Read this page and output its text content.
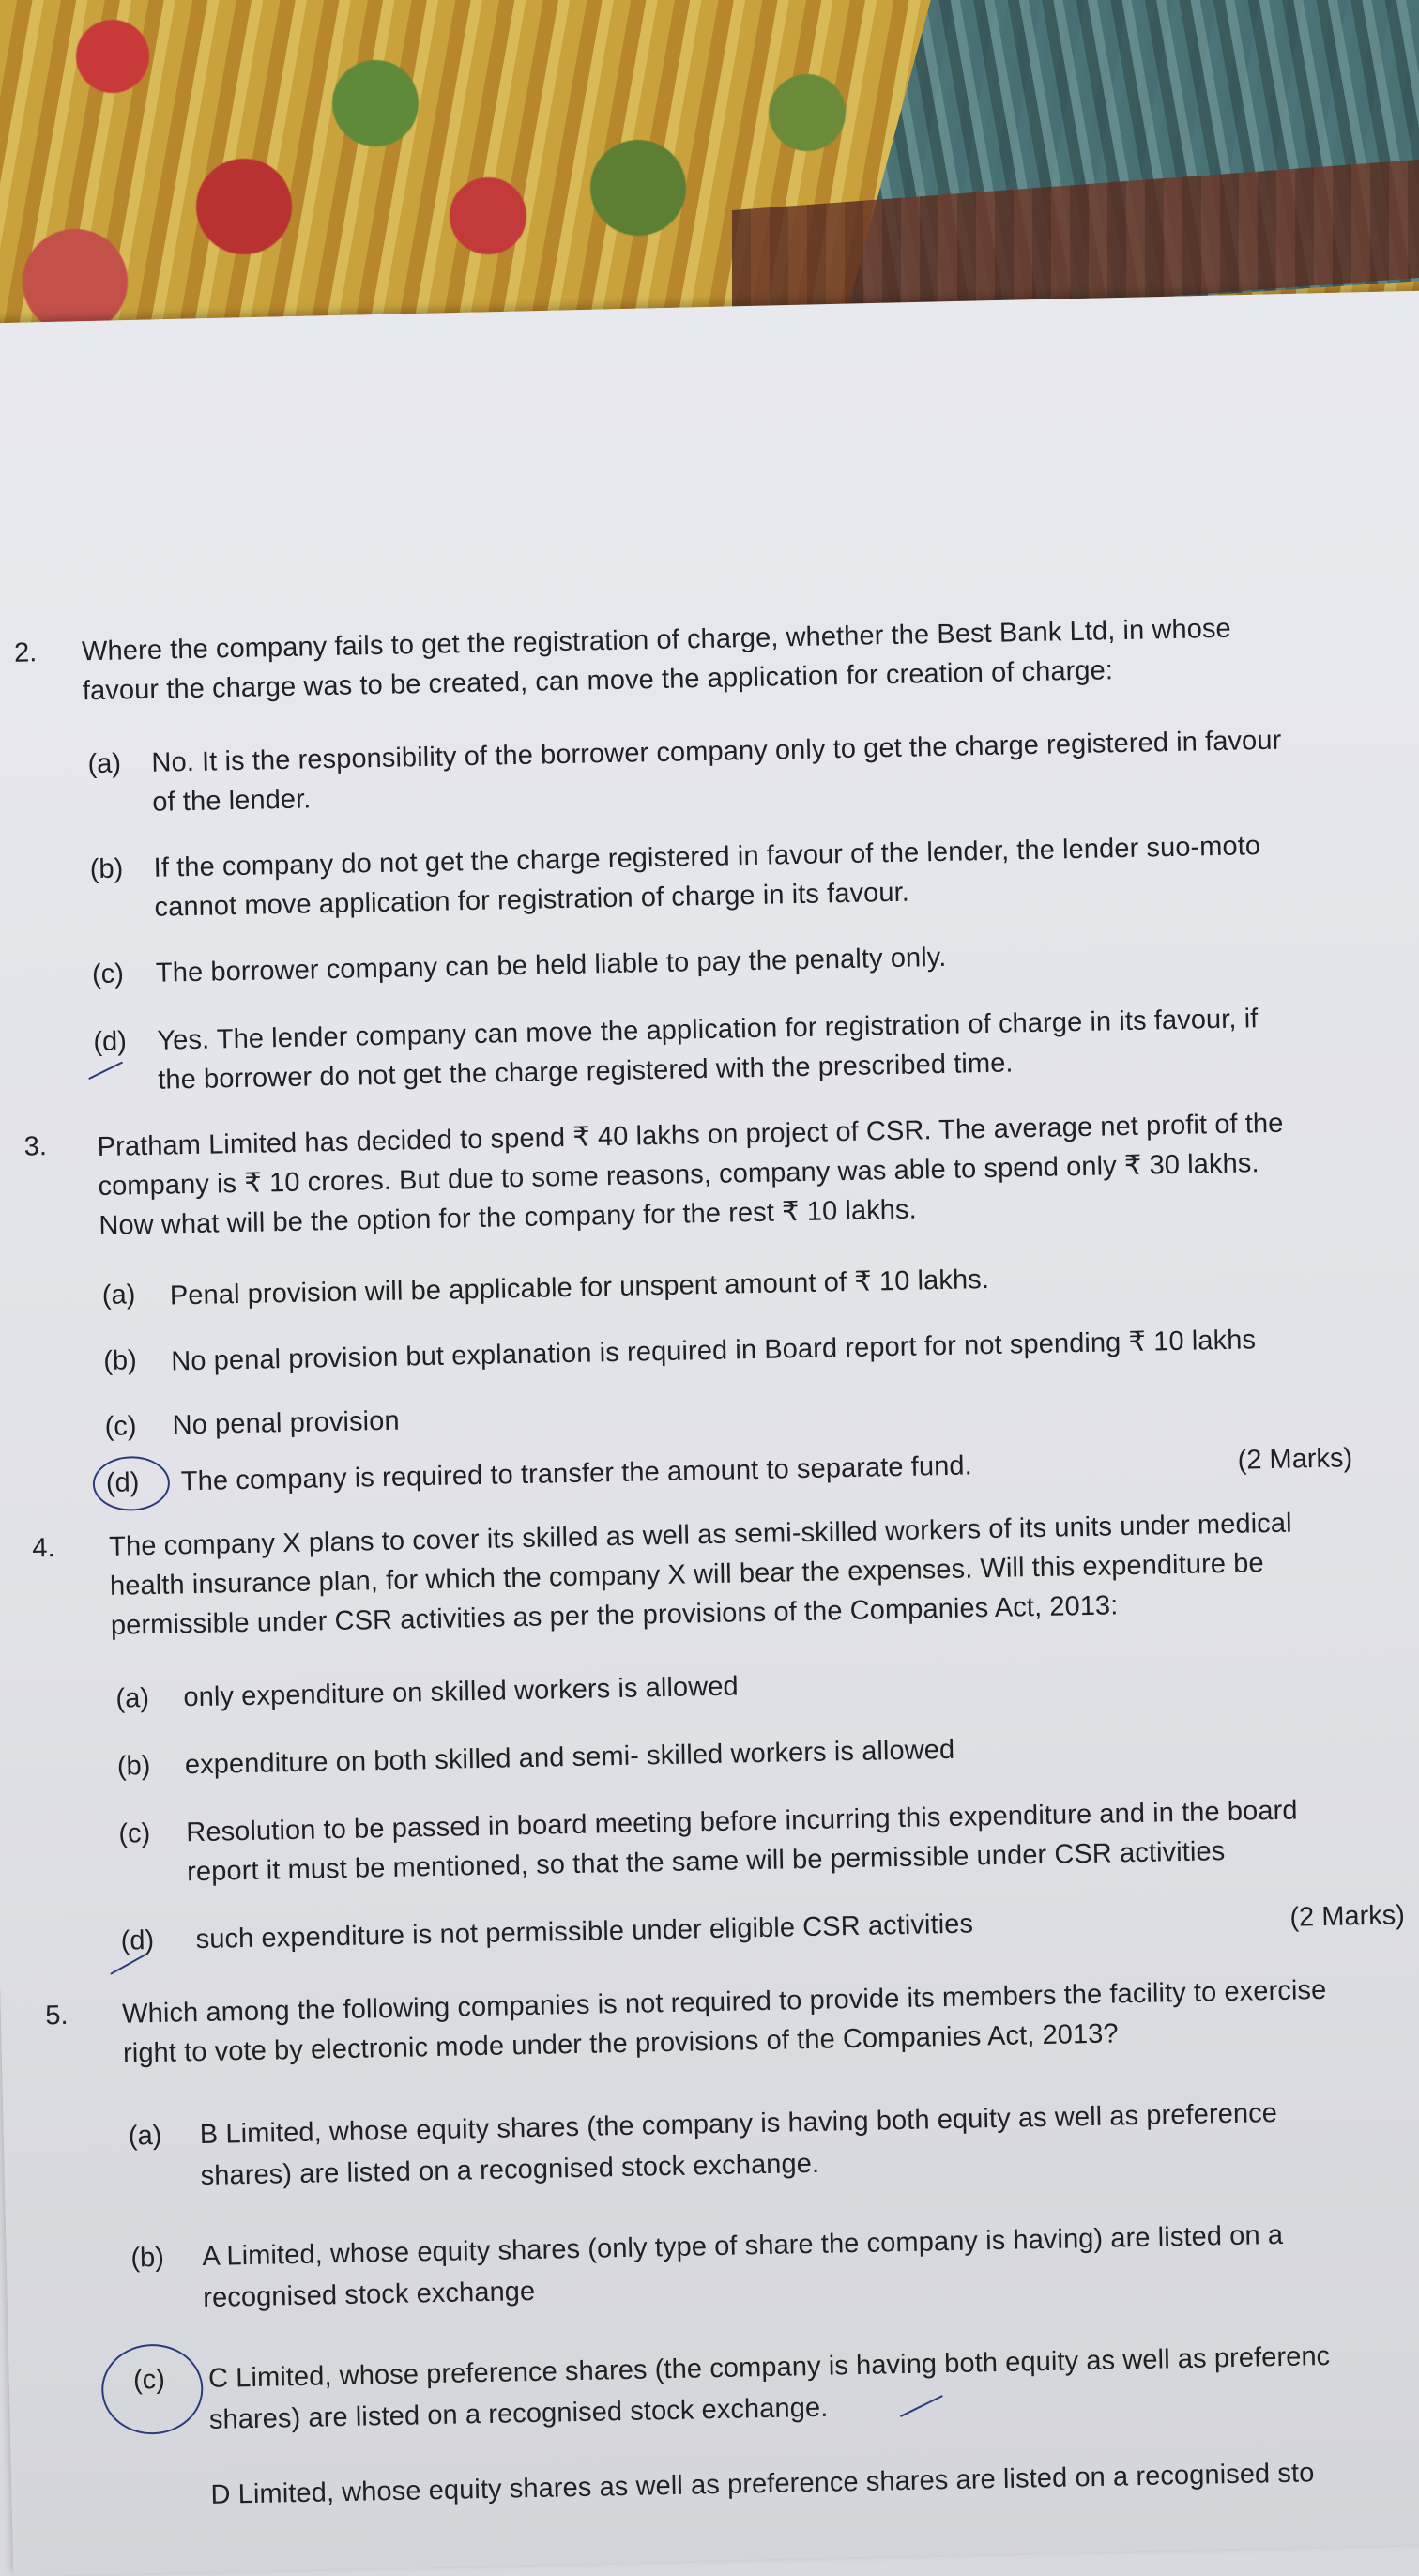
2. Where the company fails to get the registration of charge, whether the Best Bank Ltd, in whose
favour the charge was to be created, can move the application for creation of charge:
(a) No. It is the responsibility of the borrower company only to get the charge registered in favour
of the lender.
(b) If the company do not get the charge registered in favour of the lender, the lender suo-moto
cannot move application for registration of charge in its favour.
(c) The borrower company can be held liable to pay the penalty only.
(d) Yes. The lender company can move the application for registration of charge in its favour, if
the borrower do not get the charge registered with the prescribed time.
3. Pratham Limited has decided to spend ₹ 40 lakhs on project of CSR. The average net profit of the
company is ₹ 10 crores. But due to some reasons, company was able to spend only ₹ 30 lakhs.
Now what will be the option for the company for the rest ₹ 10 lakhs.
(a) Penal provision will be applicable for unspent amount of ₹ 10 lakhs.
(b) No penal provision but explanation is required in Board report for not spending ₹ 10 lakhs
(c) No penal provision
(d) The company is required to transfer the amount to separate fund.	(2 Marks)
4. The company X plans to cover its skilled as well as semi-skilled workers of its units under medical
health insurance plan, for which the company X will bear the expenses. Will this expenditure be
permissible under CSR activities as per the provisions of the Companies Act, 2013:
(a) only expenditure on skilled workers is allowed
(b) expenditure on both skilled and semi- skilled workers is allowed
(c) Resolution to be passed in board meeting before incurring this expenditure and in the board
report it must be mentioned, so that the same will be permissible under CSR activities
(d) such expenditure is not permissible under eligible CSR activities	(2 Marks)
5. Which among the following companies is not required to provide its members the facility to exercise
right to vote by electronic mode under the provisions of the Companies Act, 2013?
(a) B Limited, whose equity shares (the company is having both equity as well as preference
shares) are listed on a recognised stock exchange.
(b) A Limited, whose equity shares (only type of share the company is having) are listed on a
recognised stock exchange
(c) C Limited, whose preference shares (the company is having both equity as well as preferenc
shares) are listed on a recognised stock exchange.
D Limited, whose equity shares as well as preference shares are listed on a recognised sto
